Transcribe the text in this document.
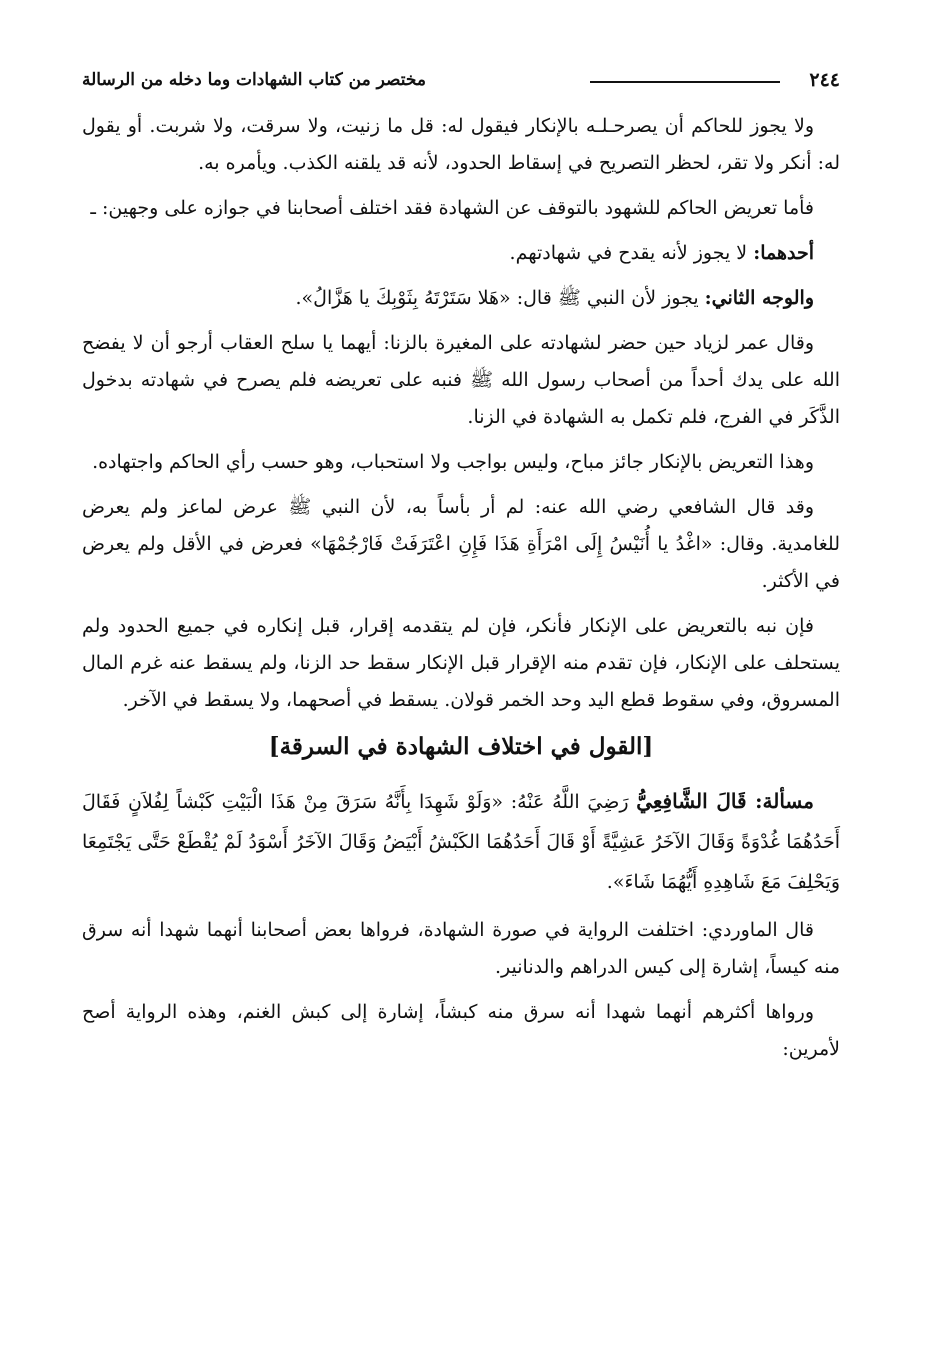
٢٤٤
مختصر من كتاب الشهادات وما دخله من الرسالة

ولا يجوز للحاكم أن يصرحـلـه بالإنكار فيقول له: قل ما زنيت، ولا سرقت، ولا شربت. أو يقول له: أنكر ولا تقر، لحظر التصريح في إسقاط الحدود، لأنه قد يلقنه الكذب. ويأمره به.

فأما تعريض الحاكم للشهود بالتوقف عن الشهادة فقد اختلف أصحابنا في جوازه على وجهين: ـ

أحدهما: لا يجوز لأنه يقدح في شهادتهم.

والوجه الثاني: يجوز لأن النبي ﷺ قال: «هَلا سَتَرْتَهُ بِثَوْبِكَ يا هَزَّالُ».

وقال عمر لزياد حين حضر لشهادته على المغيرة بالزنا: أيهما يا سلح العقاب أرجو أن لا يفضح الله على يدك أحداً من أصحاب رسول الله ﷺ فنبه على تعريضه فلم يصرح في شهادته بدخول الذَّكَر في الفرج، فلم تكمل به الشهادة في الزنا.

وهذا التعريض بالإنكار جائز مباح، وليس بواجب ولا استحباب، وهو حسب رأي الحاكم واجتهاده.

وقد قال الشافعي رضي الله عنه: لم أر بأساً به، لأن النبي ﷺ عرض لماعز ولم يعرض للغامدية. وقال: «اغْدُ يا أُنَيْسُ إِلَى امْرَأَةِ هَذَا فَإِنِ اعْتَرَفَتْ فَارْجُمْهَا» فعرض في الأقل ولم يعرض في الأكثر.

فإن نبه بالتعريض على الإنكار فأنكر، فإن لم يتقدمه إقرار، قبل إنكاره في جميع الحدود ولم يستحلف على الإنكار، فإن تقدم منه الإقرار قبل الإنكار سقط حد الزنا، ولم يسقط عنه غرم المال المسروق، وفي سقوط قطع اليد وحد الخمر قولان. يسقط في أصحهما، ولا يسقط في الآخر.

[القول في اختلاف الشهادة في السرقة]

مسألة: قَالَ الشَّافِعِيُّ رَضِيَ اللَّهُ عَنْهُ: «وَلَوْ شَهِدَا بِأَنَّهُ سَرَقَ مِنْ هَذَا الْبَيْتِ كَبْشاً لِفُلاَنٍ فَقَالَ أَحَدُهُمَا غُدْوَةً وَقَالَ الآخَرُ عَشِيَّةً أَوْ قَالَ أَحَدُهُمَا الكَبْشُ أَبْيَضُ وَقَالَ الآخَرُ أَسْوَدُ لَمْ يُقْطَعْ حَتَّى يَجْتَمِعَا وَيَحْلِفَ مَعَ شَاهِدِهِ أَيُّهُمَا شَاءَ».

قال الماوردي: اختلفت الرواية في صورة الشهادة، فرواها بعض أصحابنا أنهما شهدا أنه سرق منه كيساً، إشارة إلى كيس الدراهم والدنانير.

ورواها أكثرهم أنهما شهدا أنه سرق منه كبشاً، إشارة إلى كبش الغنم، وهذه الرواية أصح لأمرين:
